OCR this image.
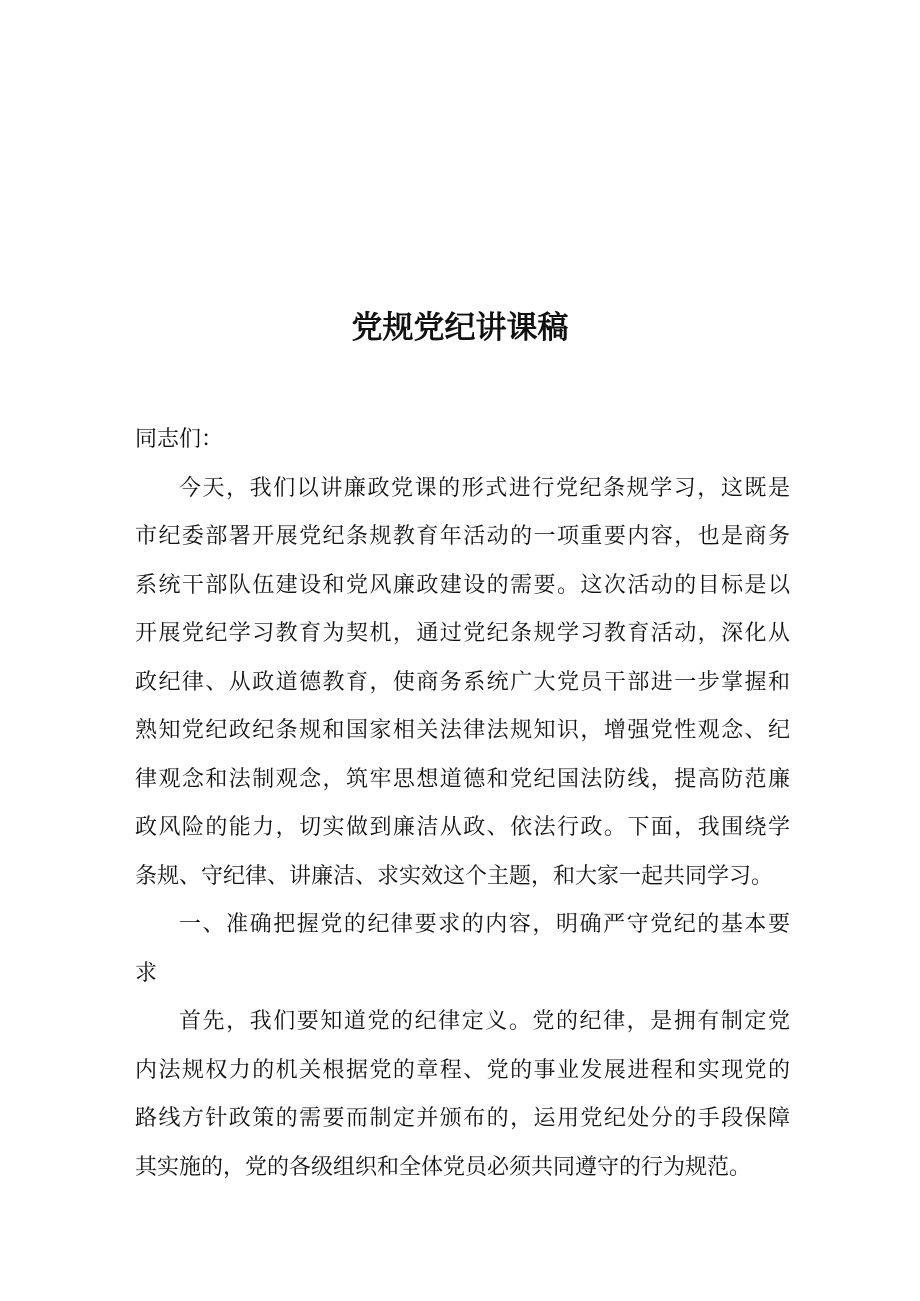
党规党纪讲课稿
同志们：
今天，我们以讲廉政党课的形式进行党纪条规学习，这既是
市纪委部署开展党纪条规教育年活动的一项重要内容，也是商务
系统干部队伍建设和党风廉政建设的需要。这次活动的目标是以
开展党纪学习教育为契机，通过党纪条规学习教育活动，深化从
政纪律、从政道德教育，使商务系统广大党员干部进一步掌握和
熟知党纪政纪条规和国家相关法律法规知识，增强党性观念、纪
律观念和法制观念，筑牢思想道德和党纪国法防线，提高防范廉
政风险的能力，切实做到廉洁从政、依法行政。下面，我围绕学
条规、守纪律、讲廉洁、求实效这个主题，和大家一起共同学习。
一、准确把握党的纪律要求的内容，明确严守党纪的基本要
求
首先，我们要知道党的纪律定义。党的纪律，是拥有制定党
内法规权力的机关根据党的章程、党的事业发展进程和实现党的
路线方针政策的需要而制定并颁布的，运用党纪处分的手段保障
其实施的，党的各级组织和全体党员必须共同遵守的行为规范。
